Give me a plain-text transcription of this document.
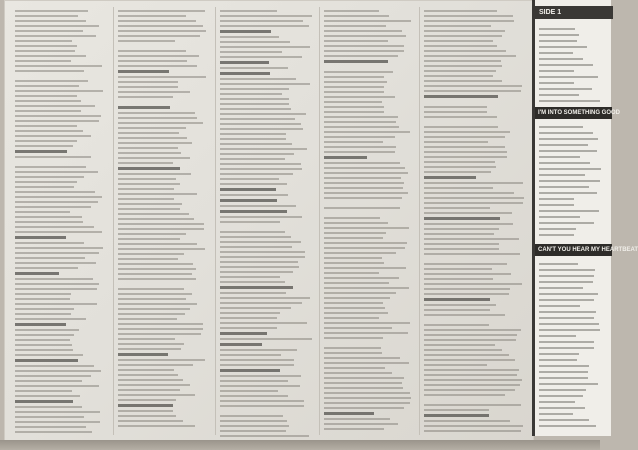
SIDE 1
I'M INTO SOMETHING GOOD
CAN'T YOU HEAR MY HEARTBEAT
